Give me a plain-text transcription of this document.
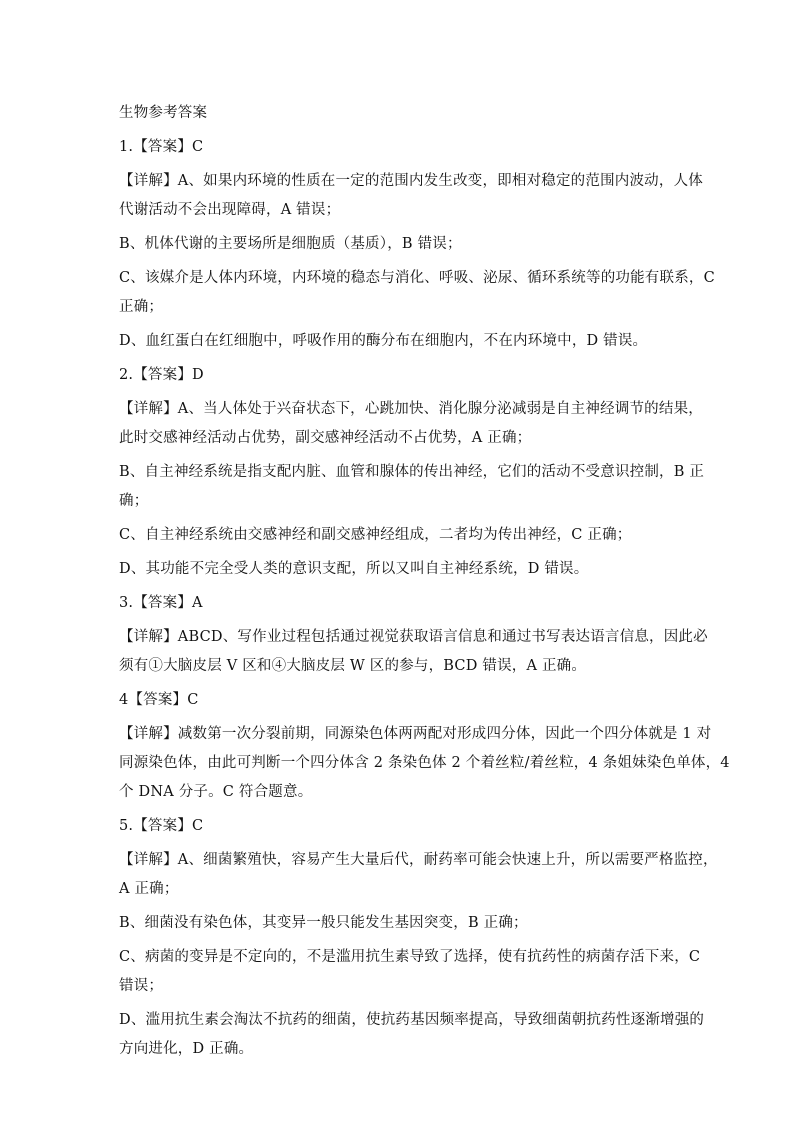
生物参考答案
1.【答案】C
【详解】A、如果内环境的性质在一定的范围内发生改变，即相对稳定的范围内波动，人体
代谢活动不会出现障碍，A 错误；
B、机体代谢的主要场所是细胞质（基质），B 错误；
C、该媒介是人体内环境，内环境的稳态与消化、呼吸、泌尿、循环系统等的功能有联系，C
正确；
D、血红蛋白在红细胞中，呼吸作用的酶分布在细胞内，不在内环境中，D 错误。
2.【答案】D
【详解】A、当人体处于兴奋状态下，心跳加快、消化腺分泌减弱是自主神经调节的结果，
此时交感神经活动占优势，副交感神经活动不占优势，A 正确；
B、自主神经系统是指支配内脏、血管和腺体的传出神经，它们的活动不受意识控制，B 正
确；
C、自主神经系统由交感神经和副交感神经组成，二者均为传出神经，C 正确；
D、其功能不完全受人类的意识支配，所以又叫自主神经系统，D 错误。
3.【答案】A
【详解】ABCD、写作业过程包括通过视觉获取语言信息和通过书写表达语言信息，因此必
须有①大脑皮层 V 区和④大脑皮层 W 区的参与，BCD 错误，A 正确。
4【答案】C
【详解】减数第一次分裂前期，同源染色体两两配对形成四分体，因此一个四分体就是 1 对
同源染色体，由此可判断一个四分体含 2 条染色体 2 个着丝粒/着丝粒，4 条姐妹染色单体，4
个 DNA 分子。C 符合题意。
5.【答案】C
【详解】A、细菌繁殖快，容易产生大量后代，耐药率可能会快速上升，所以需要严格监控，
A 正确；
B、细菌没有染色体，其变异一般只能发生基因突变，B 正确；
C、病菌的变异是不定向的，不是滥用抗生素导致了选择，使有抗药性的病菌存活下来，C
错误；
D、滥用抗生素会淘汰不抗药的细菌，使抗药基因频率提高，导致细菌朝抗药性逐渐增强的
方向进化，D 正确。
